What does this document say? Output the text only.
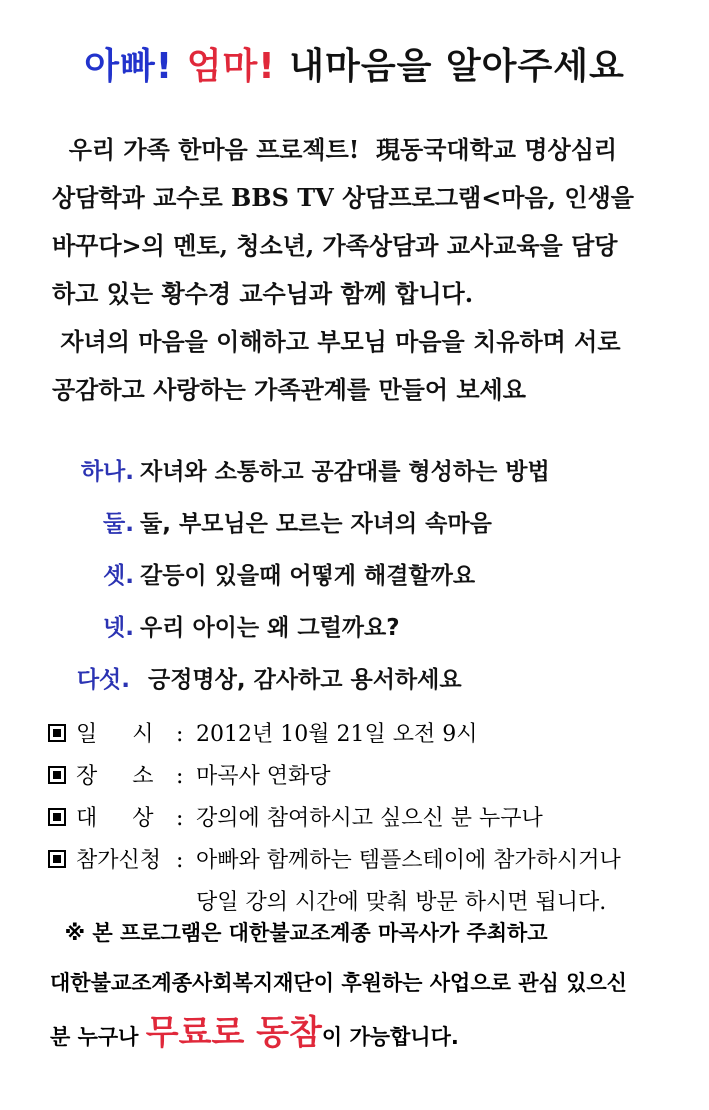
아빠! 엄마! 내마음을 알아주세요

우리 가족 한마음 프로젝트!  現동국대학교 명상심리

상담학과 교수로 BBS TV 상담프로그램<마음, 인생을

바꾸다>의 멘토, 청소년, 가족상담과 교사교육을 담당

하고 있는 황수경 교수님과 함께 합니다.

자녀의 마음을 이해하고 부모님 마음을 치유하며 서로

공감하고 사랑하는 가족관계를 만들어 보세요

하나. 자녀와 소통하고 공감대를 형성하는 방법
둘. 둘, 부모님은 모르는 자녀의 속마음
셋. 갈등이 있을때 어떻게 해결할까요
넷. 우리 아이는 왜 그럴까요?
다섯. 긍정명상, 감사하고 용서하세요
일     시 : 2012년 10월 21일 오전 9시
장     소 : 마곡사 연화당
대     상 : 강의에 참여하시고 싶으신 분 누구나
참가신청 : 아빠와 함께하는 템플스테이에 참가하시거나
당일 강의 시간에 맞춰 방문 하시면 됩니다.

※ 본 프로그램은 대한불교조계종 마곡사가 주최하고

대한불교조계종사회복지재단이 후원하는 사업으로 관심 있으신

분 누구나 무료로 동참이 가능합니다.
